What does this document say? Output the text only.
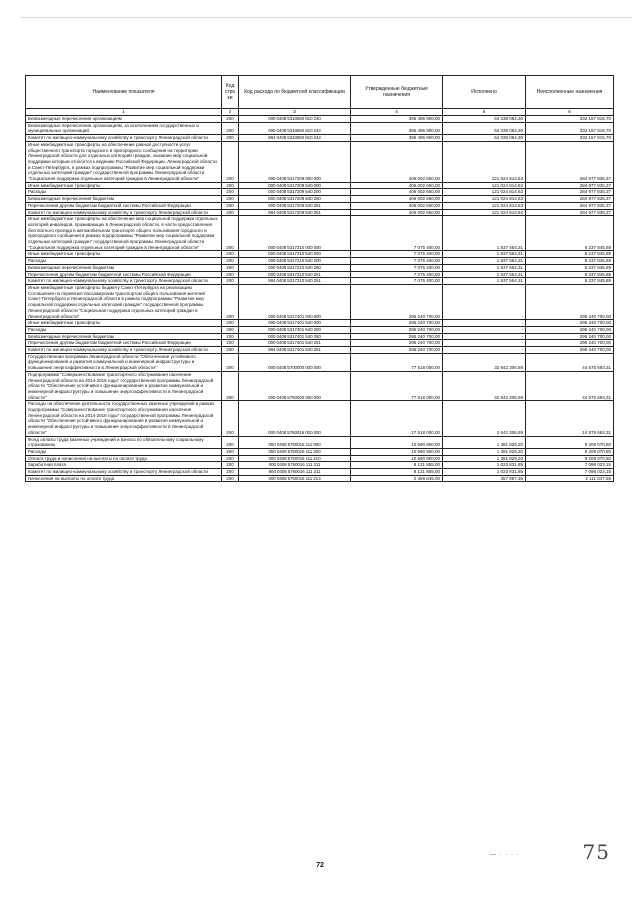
Наименование показателя	Код стро ки	Код расхода по бюджетной классификации	Утвержденные бюджетные назначения	Исполнено	Неисполненные назначения
1	2	3	4	5	6
Безвозмездные перечисления организациям	200	000 0408 5310650 810 240	396 495 900,00	64 338 084,30	332 157 815,70
Безвозмездные перечисления организациям, за исключением государственных и муниципальных организаций	200	000 0408 5310650 810 242	396 495 900,00	64 338 084,30	332 157 815,70
Комитет по жилищно-коммунальному хозяйству и транспорту Ленинградской области	200	984 0408 5310650 810 242	396 495 900,00	64 338 084,30	332 157 815,70
Иные межбюджетные трансферты на обеспечение равной доступности услуг общественного транспорта городского и пригородного сообщения на территории Ленинградской области для отдельных категорий граждан, оказание мер социальной поддержки которым относится к ведению Российской Федерации, Ленинградской области и Санкт-Петербурга, в рамках подпрограммы "Развитие мер социальной поддержки отдельных категорий граждан" государственной программы Ленинградской области "Социальная поддержка отдельных категорий граждан в Ленинградской области"	200	000 0408 5317209 000 000	406 002 650,00	121 024 814,63	284 977 835,37
Иные межбюджетные трансферты	200	000 0408 5317209 540 000	406 002 650,00	121 024 814,63	284 977 835,37
Расходы	200	000 0408 5317209 540 200	406 002 650,00	121 024 814,63	284 977 835,37
Безвозмездные перечисления бюджетам	200	000 0408 5317209 540 250	406 002 650,00	121 024 814,63	284 977 835,37
Перечисления другим бюджетам бюджетной системы Российской Федерации	200	000 0408 5317209 540 251	406 002 650,00	121 024 814,63	284 977 835,37
Комитет по жилищно-коммунальному хозяйству и транспорту Ленинградской области	200	984 0408 5317209 540 251	406 002 650,00	121 024 814,63	284 977 835,37
Иные межбюджетные трансферты на обеспечение мер социальной поддержки отдельных категорий инвалидов, проживающих в Ленинградской области, в части предоставления бесплатного проезда в автомобильном транспорте общего пользования городского и пригородного сообщения в рамках подпрограммы "Развитие мер социальной поддержки отдельных категорий граждан" государственной программы Ленинградской области "Социальная поддержка отдельных категорий граждан в Ленинградской области"	200	000 0408 5317210 000 000	7 075 400,00	1 837 554,31	5 237 845,69
Иные межбюджетные трансферты	200	000 0408 5317210 540 000	7 075 400,00	1 837 554,31	5 237 845,69
Расходы	200	000 0408 5317210 540 200	7 075 400,00	1 837 554,31	5 237 845,69
Безвозмездные перечисления бюджетам	200	000 0408 5317210 540 250	7 075 400,00	1 837 554,31	5 237 845,69
Перечисления другим бюджетам бюджетной системы Российской Федерации	200	000 0408 5317210 540 251	7 075 400,00	1 837 554,31	5 237 845,69
Комитет по жилищно-коммунальному хозяйству и транспорту Ленинградской области	200	984 0408 5317210 540 251	7 075 400,00	1 837 554,31	5 237 845,69
Иные межбюджетные трансферты бюджету Санкт-Петербурга на реализацию Соглашения по перевозке пассажирским транспортом общего пользования жителей Санкт-Петербурга и Ленинградской области в рамках подпрограммы "Развитие мер социальной поддержки отдельных категорий граждан" государственной программы Ленинградской области "Социальная поддержка отдельных категорий граждан в Ленинградской области"	200	000 0408 5317401 000 000	295 240 700,00	-	295 240 700,00
Иные межбюджетные трансферты	200	000 0408 5317401 540 000	295 240 700,00	-	295 240 700,00
Расходы	200	000 0408 5317401 540 200	295 240 700,00	-	295 240 700,00
Безвозмездные перечисления бюджетам	200	000 0408 5317401 540 250	295 240 700,00	-	295 240 700,00
Перечисления другим бюджетам бюджетной системы Российской Федерации	200	000 0408 5317401 540 251	295 240 700,00	-	295 240 700,00
Комитет по жилищно-коммунальному хозяйству и транспорту Ленинградской области	200	984 0408 5317401 540 251	295 240 700,00	-	295 240 700,00
Государственная программа Ленинградской области "Обеспечение устойчивого функционирования и развития коммунальной и инженерной инфраструктуры и повышение энергоэффективности в Ленинградской области"	200	000 0408 5700000 000 000	77 518 000,00	32 842 306,69	44 675 693,31
Подпрограмма "Совершенствование транспортного обслуживания населения Ленинградской области на 2014-2018 годы" государственной программы Ленинградской области "Обеспечение устойчивого функционирования и развития коммунальной и инженерной инфраструктуры и повышение энергоэффективности в Ленинградской области"	200	000 0408 5760000 000 000	77 518 000,00	32 842 306,69	44 675 693,31
Расходы на обеспечение деятельности государственных казенных учреждений в рамках подпрограммы "Совершенствование транспортного обслуживания населения Ленинградской области на 2014-2018 годы" государственной программы Ленинградской области "Обеспечение устойчивого функционирования и развития коммунальной и инженерной инфраструктуры и повышение энергоэффективности в Ленинградской области"	200	000 0408 5760016 000 000	17 518 000,00	2 642 306,69	14 875 693,31
Фонд оплаты труда казенных учреждений и взносы по обязательному социальному страхованию	200	000 0408 5760016 111 000	10 590 900,00	1 381 829,20	9 209 070,80
Расходы	200	000 0408 5760016 111 200	10 590 900,00	1 381 829,20	9 209 070,80
Оплата труда и начисления на выплаты по оплате труда	200	000 0408 5760016 111 210	10 590 900,00	1 381 829,20	9 209 070,80
Заработная плата	200	000 0408 5760016 111 211	8 121 855,00	1 023 831,85	7 098 023,15
Комитет по жилищно-коммунальному хозяйству и транспорту Ленинградской области	200	984 0408 5760016 111 211	8 121 855,00	1 023 831,85	7 098 023,15
Начисления на выплаты по оплате труда	200	000 0408 5760016 111 213	2 469 045,00	357 997,35	2 111 047,65
72
— · · · ·	75
